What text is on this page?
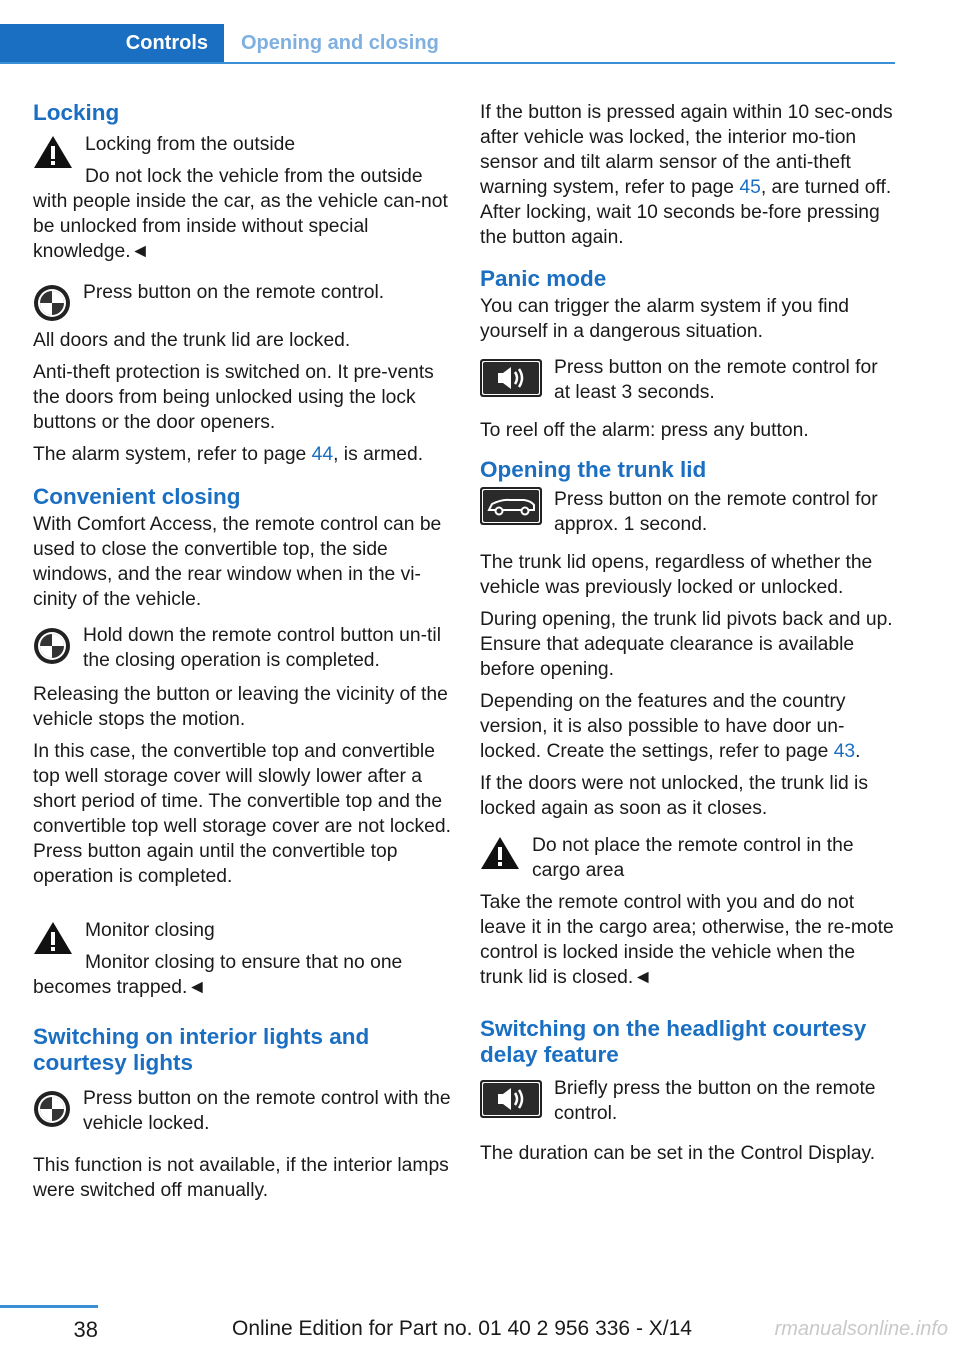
Controls	Opening and closing
Locking
Locking from the outside
Do not lock the vehicle from the outside with people inside the car, as the vehicle can-not be unlocked from inside without special knowledge.◄
Press button on the remote control.

All doors and the trunk lid are locked.

Anti-theft protection is switched on. It pre-vents the doors from being unlocked using the lock buttons or the door openers.

The alarm system, refer to page 44, is armed.

Convenient closing

With Comfort Access, the remote control can be used to close the convertible top, the side windows, and the rear window when in the vi-cinity of the vehicle.

Hold down the remote control button un-til the closing operation is completed.

Releasing the button or leaving the vicinity of the vehicle stops the motion.

In this case, the convertible top and convertible top well storage cover will slowly lower after a short period of time. The convertible top and the convertible top well storage cover are not locked. Press button again until the convertible top operation is completed.

Monitor closing
Monitor closing to ensure that no one becomes trapped.◄
Switching on interior lights and courtesy lights
Press button on the remote control with the vehicle locked.

This function is not available, if the interior lamps were switched off manually.

If the button is pressed again within 10 sec-onds after vehicle was locked, the interior mo-tion sensor and tilt alarm sensor of the anti-theft warning system, refer to page 45, are turned off. After locking, wait 10 seconds be-fore pressing the button again.

Panic mode

You can trigger the alarm system if you find yourself in a dangerous situation.

Press button on the remote control for at least 3 seconds.

To reel off the alarm: press any button.

Opening the trunk lid
Press button on the remote control for approx. 1 second.

The trunk lid opens, regardless of whether the vehicle was previously locked or unlocked.

During opening, the trunk lid pivots back and up. Ensure that adequate clearance is available before opening.

Depending on the features and the country version, it is also possible to have door un-locked. Create the settings, refer to page 43.

If the doors were not unlocked, the trunk lid is locked again as soon as it closes.

Do not place the remote control in the cargo area
Take the remote control with you and do not leave it in the cargo area; otherwise, the re-mote control is locked inside the vehicle when the trunk lid is closed.◄
Switching on the headlight courtesy delay feature
Briefly press the button on the remote control.

The duration can be set in the Control Display.

38	Online Edition for Part no. 01 40 2 956 336 - X/14	rmanualsonline.info
